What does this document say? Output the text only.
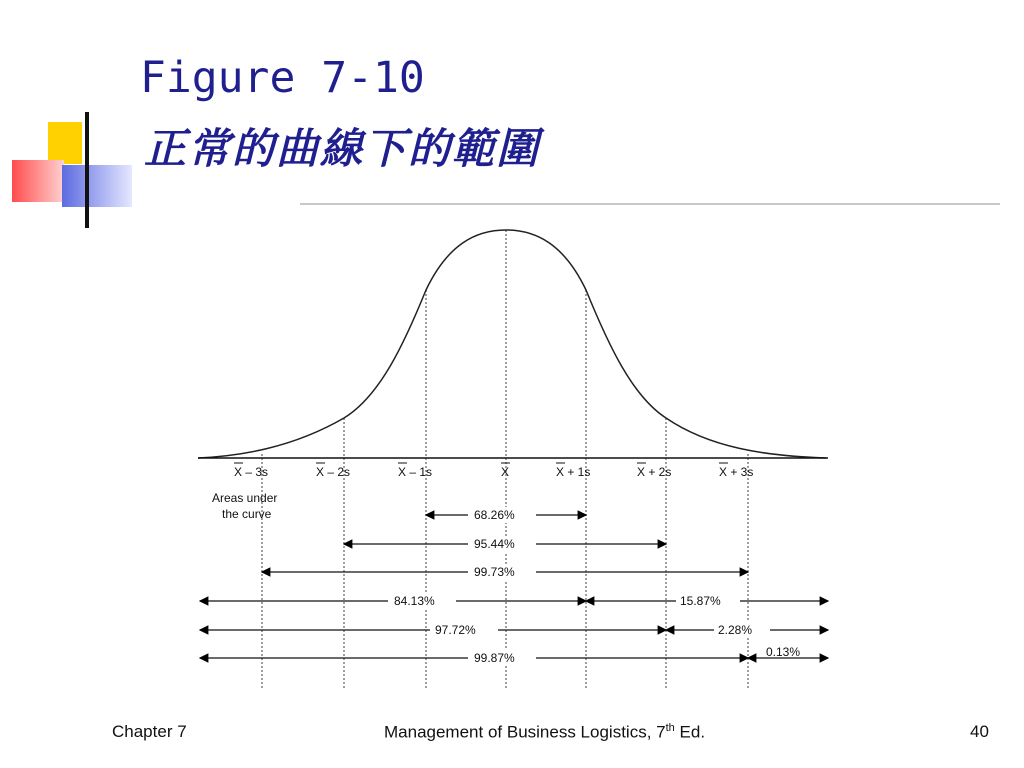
Figure 7-10
正常的曲線下的範圍
X – 3s	X – 2s	X – 1s	X	X + 1s	X + 2s	X + 3s
Areas under
the curve	68.26%
95.44%
99.73%
84.13%	15.87%
97.72%	2.28%
99.87%	0.13%
Chapter 7	Management of Business Logistics, 7th Ed.	40
